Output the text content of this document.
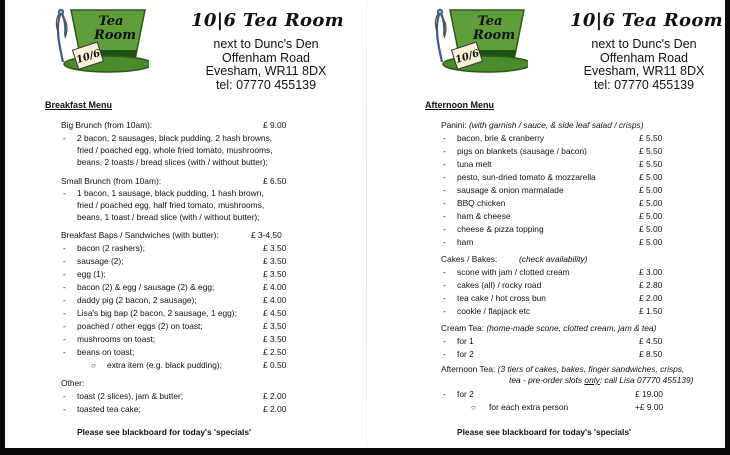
Tea
Room
10/6
10|6 Tea Room
next to Dunc's Den
Offenham Road
Evesham, WR11 8DX
tel: 07770 455139
Breakfast Menu
Big Brunch (from 10am):	£ 9.00
- 2 bacon, 2 sausages, black pudding, 2 hash browns,
fried / poached egg, whole fried tomato, mushrooms,
beans, 2 toasts / bread slices (with / without butter);
Small Brunch (from 10am):	£ 6.50
- 1 bacon, 1 sausage, black pudding, 1 hash brown,
fried / poached egg, half fried tomato, mushrooms,
beans, 1 toast / bread slice (with / without butter);
Breakfast Baps / Sandwiches (with butter):	£ 3-4.50
- bacon (2 rashers);	£ 3.50
- sausage (2);	£ 3.50
- egg (1);	£ 3.50
- bacon (2) & egg / sausage (2) & egg;	£ 4.00
- daddy pig (2 bacon, 2 sausage);	£ 4.00
- Lisa's big bap (2 bacon, 2 sausage, 1 egg);	£ 4.50
- poached / other eggs (2) on toast;	£ 3.50
- mushrooms on toast;	£ 3.50
- beans on toast;	£ 2.50
○ extra item (e.g. black pudding);	£ 0.50
Other:
- toast (2 slices), jam & butter;	£ 2.00
- toasted tea cake;	£ 2.00
Please see blackboard for today's 'specials'
Tea
Room
10/6
10|6 Tea Room
next to Dunc's Den
Offenham Road
Evesham, WR11 8DX
tel: 07770 455139
Afternoon Menu
Panini: (with garnish / sauce, & side leaf salad / crisps)
- bacon, brie & cranberry	£ 5.50
- pigs on blankets (sausage / bacon)	£ 5.50
- tuna melt	£ 5.50
- pesto, sun-dried tomato & mozzarella	£ 5.00
- sausage & onion marmalade	£ 5.00
- BBQ chicken	£ 5.00
- ham & cheese	£ 5.00
- cheese & pizza topping	£ 5.00
- ham	£ 5.00
Cakes / Bakes:	(check availability)
- scone with jam / clotted cream	£ 3.00
- cakes (all) / rocky road	£ 2.80
- tea cake / hot cross bun	£ 2.00
- cookie / flapjack etc	£ 1.50
Cream Tea: (home-made scone, clotted cream, jam & tea)
- for 1	£ 4.50
- for 2	£ 8.50
Afternoon Tea: (3 tiers of cakes, bakes, finger sandwiches, crisps,
tea - pre-order slots only: call Lisa 07770 455139)
- for 2	£ 19.00
○ for each extra person	+£ 9.00
Please see blackboard for today's 'specials'
